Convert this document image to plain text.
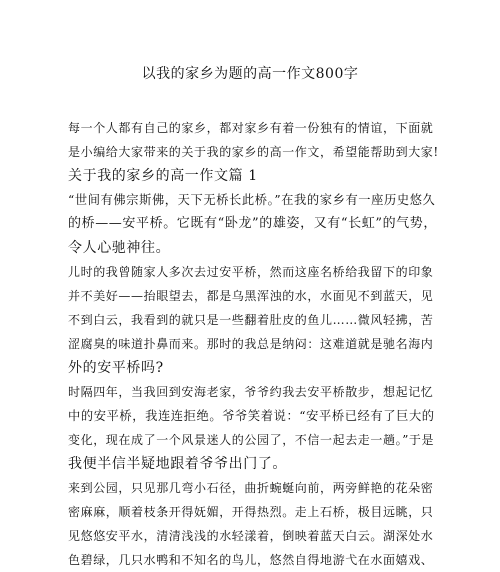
以我的家乡为题的高一作文800字
每一个人都有自己的家乡，都对家乡有着一份独有的情谊，下面就
是小编给大家带来的关于我的家乡的高一作文，希望能帮助到大家!
关于我的家乡的高一作文篇 1
“世间有佛宗斯佛，天下无桥长此桥。”在我的家乡有一座历史悠久
的桥——安平桥。它既有“卧龙”的雄姿，又有“长虹”的气势，
令人心驰神往。
儿时的我曾随家人多次去过安平桥，然而这座名桥给我留下的印象
并不美好——抬眼望去，都是乌黑浑浊的水，水面见不到蓝天，见
不到白云，我看到的就只是一些翻着肚皮的鱼儿……微风轻拂，苦
涩腐臭的味道扑鼻而来。那时的我总是纳闷：这难道就是驰名海内
外的安平桥吗?
时隔四年，当我回到安海老家，爷爷约我去安平桥散步，想起记忆
中的安平桥，我连连拒绝。爷爷笑着说：“安平桥已经有了巨大的
变化，现在成了一个风景迷人的公园了，不信一起去走一趟。”于是
我便半信半疑地跟着爷爷出门了。
来到公园，只见那几弯小石径，曲折蜿蜒向前，两旁鲜艳的花朵密
密麻麻，顺着枝条开得妩媚，开得热烈。走上石桥，极目远眺，只
见悠悠安平水，清清浅浅的水轻漾着，倒映着蓝天白云。湖深处水
色碧绿，几只水鸭和不知名的鸟儿，悠然自得地游弋在水面嬉戏、
